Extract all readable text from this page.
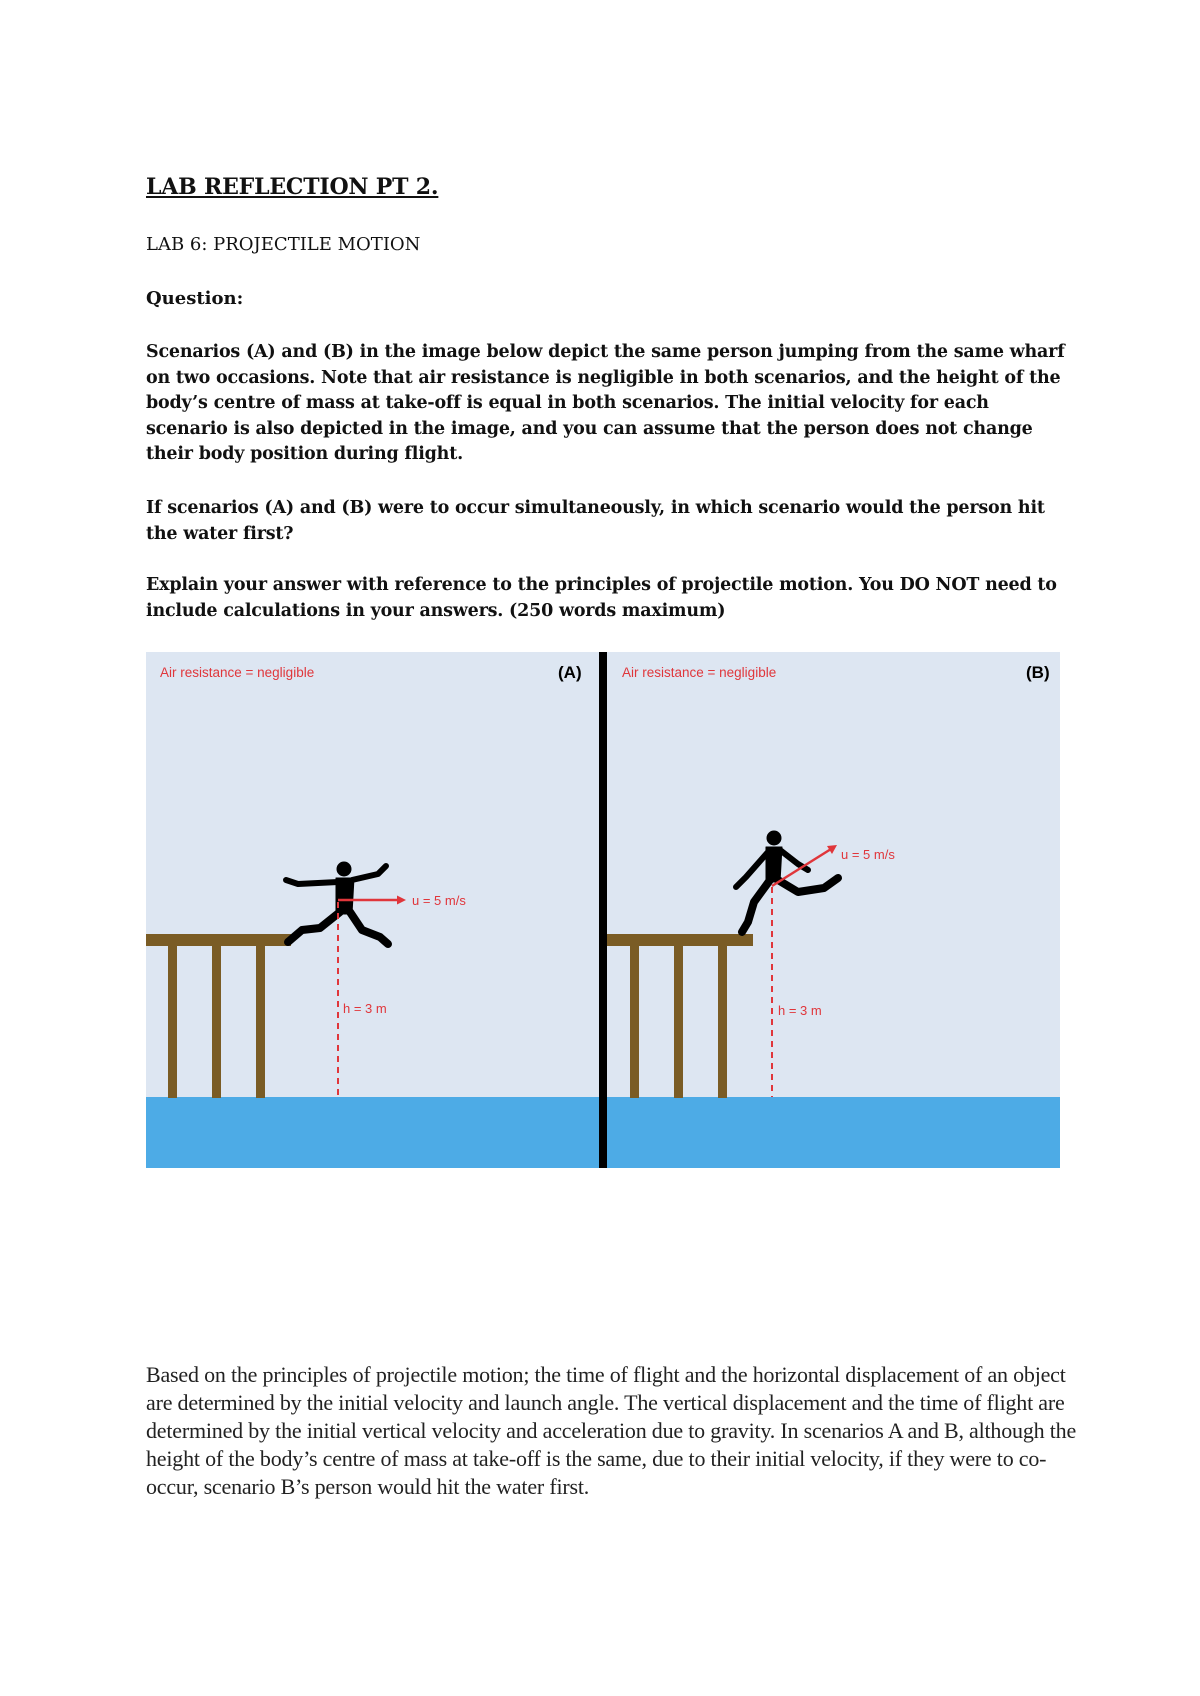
LAB REFLECTION PT 2.
LAB 6: PROJECTILE MOTION
Question:
Scenarios (A) and (B) in the image below depict the same person jumping from the same wharf on two occasions. Note that air resistance is negligible in both scenarios, and the height of the body’s centre of mass at take-off is equal in both scenarios. The initial velocity for each scenario is also depicted in the image, and you can assume that the person does not change their body position during flight.
If scenarios (A) and (B) were to occur simultaneously, in which scenario would the person hit the water first?
Explain your answer with reference to the principles of projectile motion. You DO NOT need to include calculations in your answers. (250 words maximum)
u = 5 m/s
h = 3 m
Air resistance = negligible	(A)
u = 5 m/s
h = 3 m
Air resistance = negligible	(B)
Based on the principles of projectile motion; the time of flight and the horizontal displacement of an object are determined by the initial velocity and launch angle. The vertical displacement and the time of flight are determined by the initial vertical velocity and acceleration due to gravity. In scenarios A and B, although the height of the body’s centre of mass at take-off is the same, due to their initial velocity, if they were to co-occur, scenario B’s person would hit the water first.
